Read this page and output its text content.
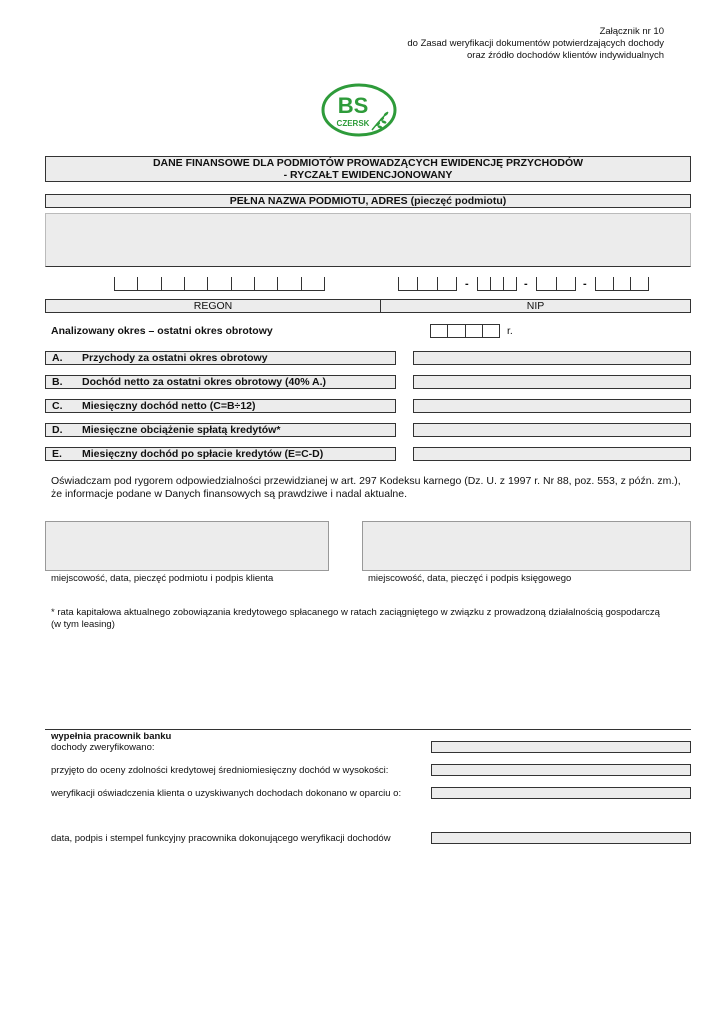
Załącznik nr 10
do Zasad weryfikacji dokumentów potwierdzających dochody
oraz źródło dochodów klientów indywidualnych
BS
CZERSK
DANE FINANSOWE DLA PODMIOTÓW PROWADZĄCYCH EWIDENCJĘ PRZYCHODÓW
- RYCZAŁT EWIDENCJONOWANY
PEŁNA NAZWA PODMIOTU, ADRES (pieczęć podmiotu)
-	-	-
REGON	NIP
Analizowany okres – ostatni okres obrotowy	r.
A.	Przychody za ostatni okres obrotowy
B.	Dochód netto za ostatni okres obrotowy (40% A.)
C.	Miesięczny dochód netto (C=B÷12)
D.	Miesięczne obciążenie spłatą kredytów*
E.	Miesięczny dochód po spłacie kredytów (E=C-D)
Oświadczam pod rygorem odpowiedzialności przewidzianej w art. 297 Kodeksu karnego (Dz. U. z 1997 r. Nr 88, poz. 553, z późn. zm.),
że informacje podane w Danych finansowych są prawdziwe i nadal aktualne.
miejscowość, data, pieczęć podmiotu i podpis klienta	miejscowość, data, pieczęć i podpis księgowego
* rata kapitałowa aktualnego zobowiązania kredytowego spłacanego w ratach zaciągniętego w związku z prowadzoną działalnością gospodarczą
(w tym leasing)
wypełnia pracownik banku
dochody zweryfikowano:
przyjęto do oceny zdolności kredytowej średniomiesięczny dochód w wysokości:
weryfikacji oświadczenia klienta o uzyskiwanych dochodach dokonano w oparciu o:
data, podpis i stempel funkcyjny pracownika dokonującego weryfikacji dochodów
